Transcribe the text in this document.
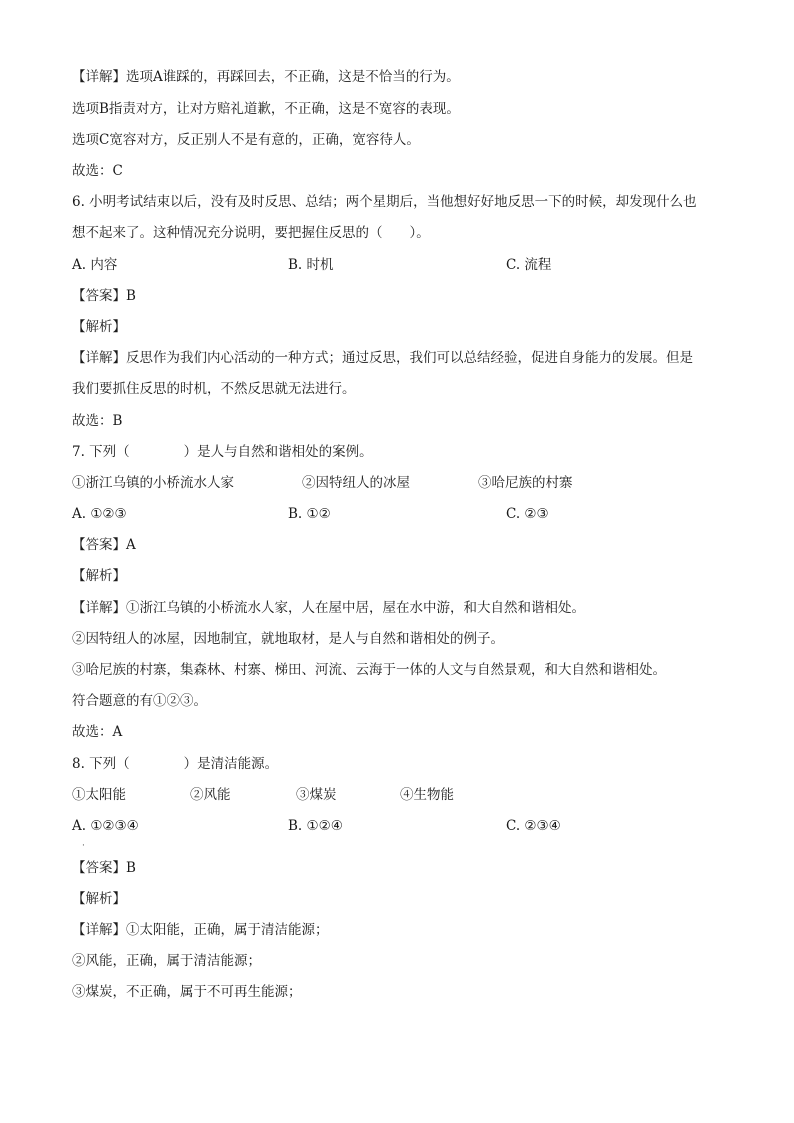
【详解】选项A谁踩的，再踩回去，不正确，这是不恰当的行为。
选项B指责对方，让对方赔礼道歉，不正确，这是不宽容的表现。
选项C宽容对方，反正别人不是有意的，正确，宽容待人。
故选：C
6. 小明考试结束以后，没有及时反思、总结；两个星期后，当他想好好地反思一下的时候，却发现什么也
想不起来了。这种情况充分说明，要把握住反思的（　　）。
A. 内容	B. 时机	C. 流程
【答案】B
【解析】
【详解】反思作为我们内心活动的一种方式；通过反思，我们可以总结经验，促进自身能力的发展。但是
我们要抓住反思的时机，不然反思就无法进行。
故选：B
7. 下列（　　　　）是人与自然和谐相处的案例。
①浙江乌镇的小桥流水人家	②因特纽人的冰屋	③哈尼族的村寨
A. ①②③	B. ①②	C. ②③
【答案】A
【解析】
【详解】①浙江乌镇的小桥流水人家，人在屋中居，屋在水中游，和大自然和谐相处。
②因特纽人的冰屋，因地制宜，就地取材，是人与自然和谐相处的例子。
③哈尼族的村寨，集森林、村寨、梯田、河流、云海于一体的人文与自然景观，和大自然和谐相处。
符合题意的有①②③。
故选：A
8. 下列（　　　　）是清洁能源。
①太阳能	②风能	③煤炭	④生物能
A. ①②③④	B. ①②④	C. ②③④
·
【答案】B
【解析】
【详解】①太阳能，正确，属于清洁能源；
②风能，正确，属于清洁能源；
③煤炭，不正确，属于不可再生能源；
